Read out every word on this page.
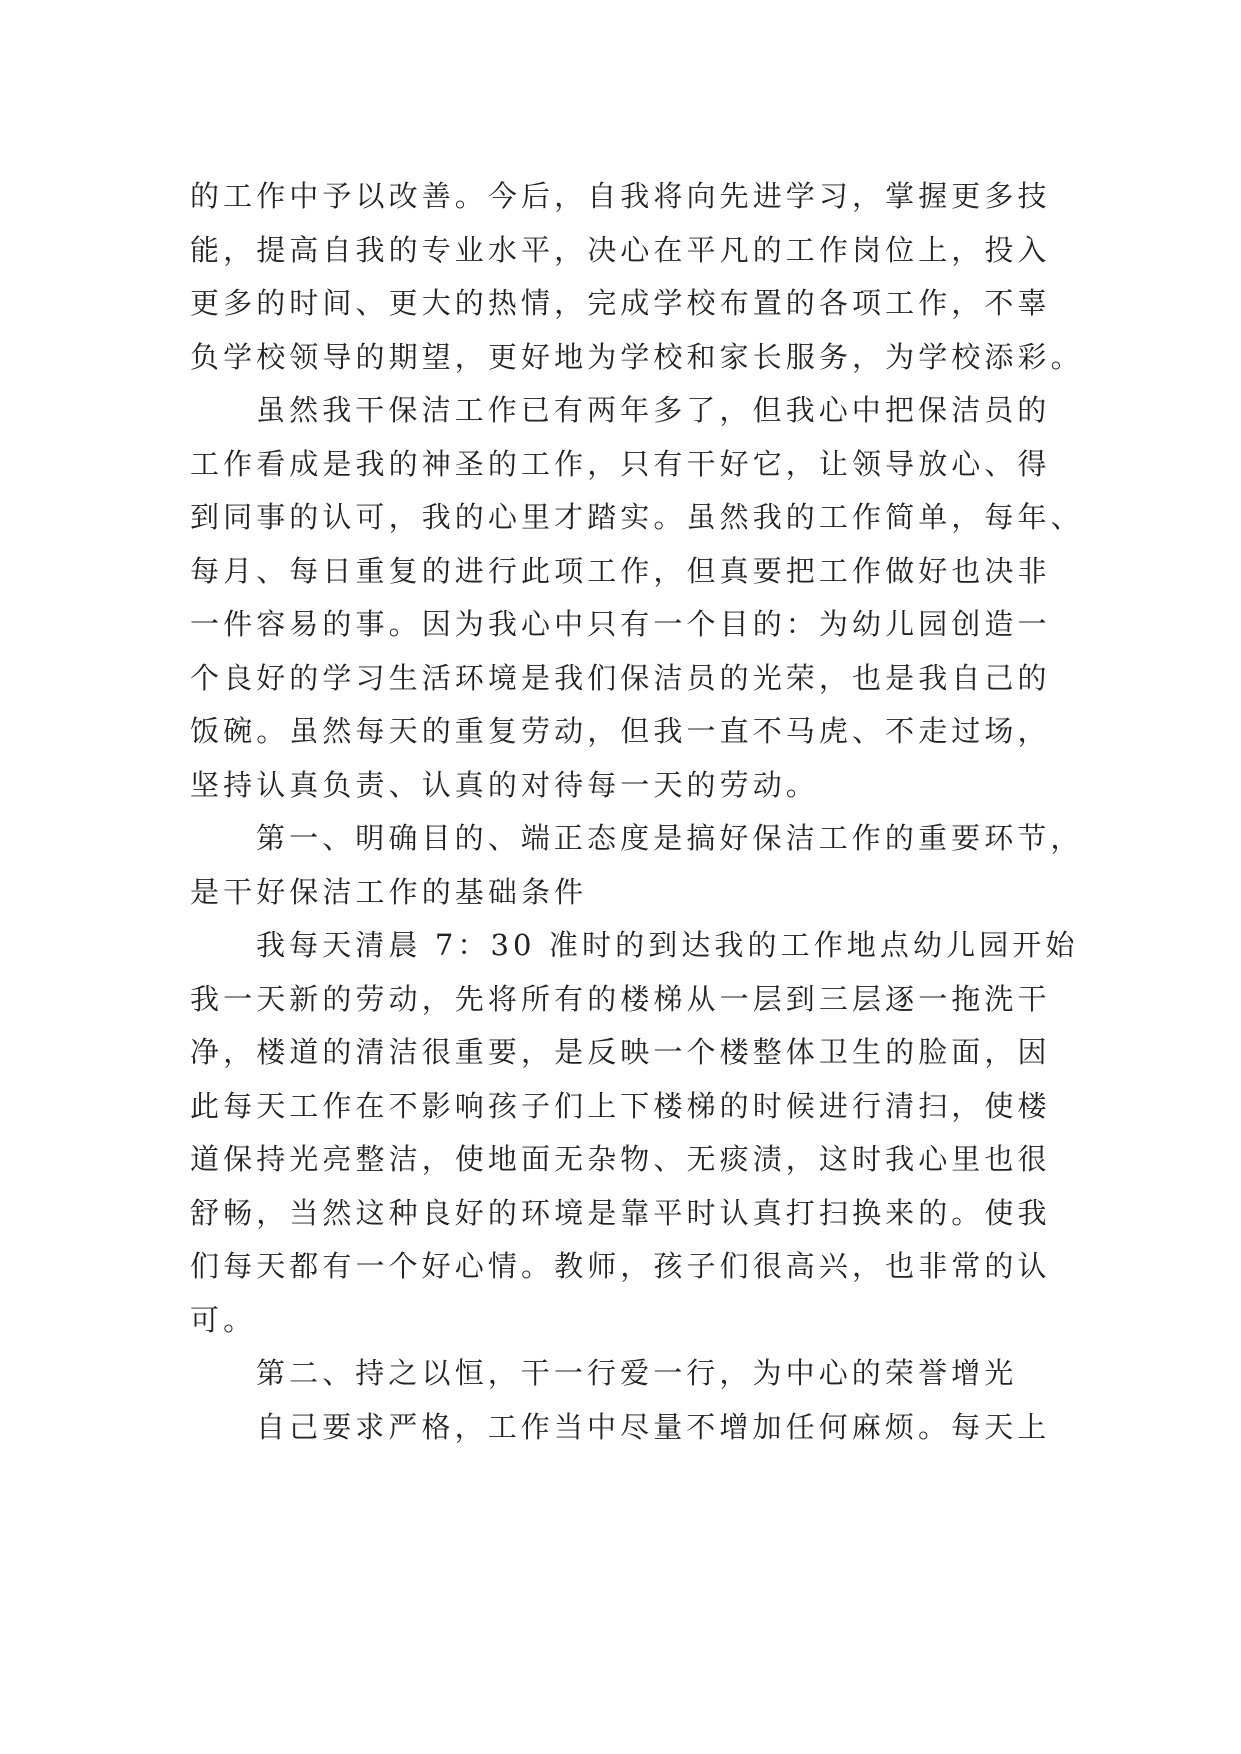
的工作中予以改善。今后，自我将向先进学习，掌握更多技
能，提高自我的专业水平，决心在平凡的工作岗位上，投入
更多的时间、更大的热情，完成学校布置的各项工作，不辜
负学校领导的期望，更好地为学校和家长服务，为学校添彩。
虽然我干保洁工作已有两年多了，但我心中把保洁员的
工作看成是我的神圣的工作，只有干好它，让领导放心、得
到同事的认可，我的心里才踏实。虽然我的工作简单，每年、
每月、每日重复的进行此项工作，但真要把工作做好也决非
一件容易的事。因为我心中只有一个目的：为幼儿园创造一
个良好的学习生活环境是我们保洁员的光荣，也是我自己的
饭碗。虽然每天的重复劳动，但我一直不马虎、不走过场，
坚持认真负责、认真的对待每一天的劳动。
第一、明确目的、端正态度是搞好保洁工作的重要环节，
是干好保洁工作的基础条件
我每天清晨 7：30 准时的到达我的工作地点幼儿园开始
我一天新的劳动，先将所有的楼梯从一层到三层逐一拖洗干
净，楼道的清洁很重要，是反映一个楼整体卫生的脸面，因
此每天工作在不影响孩子们上下楼梯的时候进行清扫，使楼
道保持光亮整洁，使地面无杂物、无痰渍，这时我心里也很
舒畅，当然这种良好的环境是靠平时认真打扫换来的。使我
们每天都有一个好心情。教师，孩子们很高兴，也非常的认
可。
第二、持之以恒，干一行爱一行，为中心的荣誉增光
自己要求严格，工作当中尽量不增加任何麻烦。每天上
